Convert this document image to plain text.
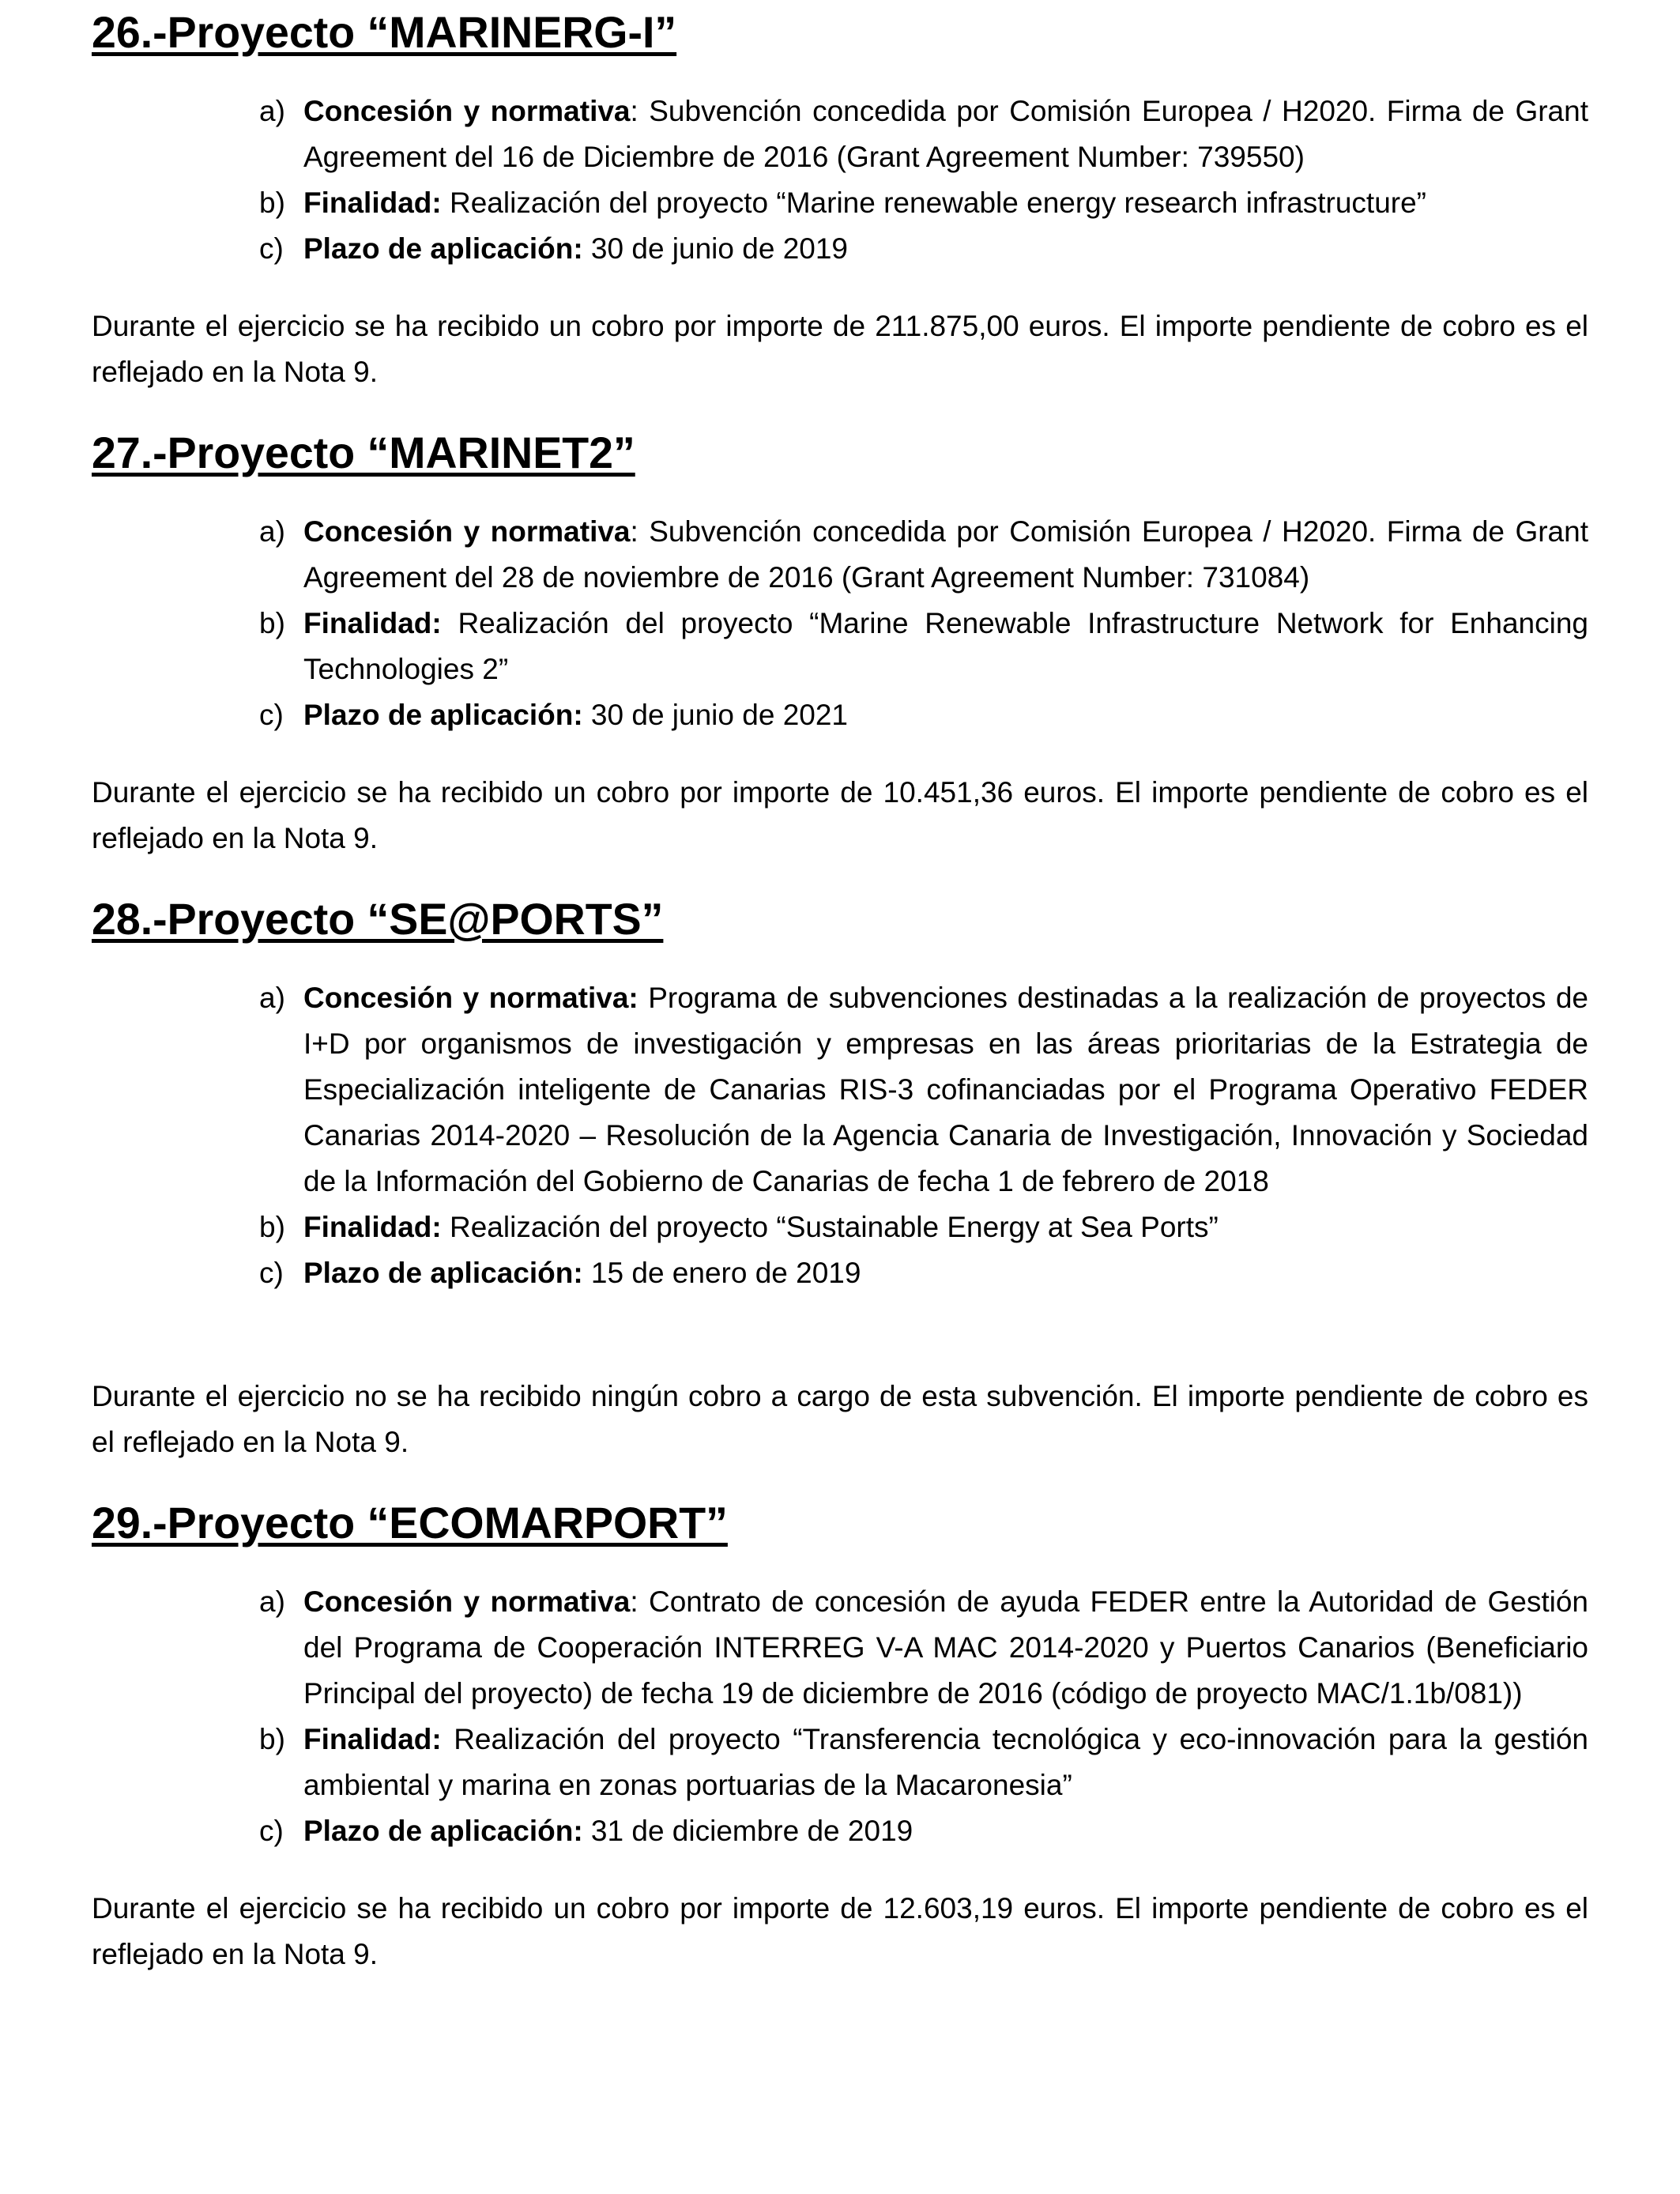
26.-Proyecto “MARINERG-I”
a) Concesión y normativa: Subvención concedida por Comisión Europea / H2020. Firma de Grant Agreement del 16 de Diciembre de 2016 (Grant Agreement Number: 739550)
b) Finalidad: Realización del proyecto “Marine renewable energy research infrastructure”
c) Plazo de aplicación: 30 de junio de 2019

Durante el ejercicio se ha recibido un cobro por importe de 211.875,00 euros. El importe pendiente de cobro es el reflejado en la Nota 9.

27.-Proyecto “MARINET2”
a) Concesión y normativa: Subvención concedida por Comisión Europea / H2020. Firma de Grant Agreement del 28 de noviembre de 2016 (Grant Agreement Number: 731084)
b) Finalidad: Realización del proyecto “Marine Renewable Infrastructure Network for Enhancing Technologies 2”
c) Plazo de aplicación: 30 de junio de 2021

Durante el ejercicio se ha recibido un cobro por importe de 10.451,36 euros. El importe pendiente de cobro es el reflejado en la Nota 9.

28.-Proyecto “SE@PORTS”
a) Concesión y normativa: Programa de subvenciones destinadas a la realización de proyectos de I+D por organismos de investigación y empresas en las áreas prioritarias de la Estrategia de Especialización inteligente de Canarias RIS-3 cofinanciadas por el Programa Operativo FEDER Canarias 2014-2020 – Resolución de la Agencia Canaria de Investigación, Innovación y Sociedad de la Información del Gobierno de Canarias de fecha 1 de febrero de 2018
b) Finalidad: Realización del proyecto “Sustainable Energy at Sea Ports”
c) Plazo de aplicación: 15 de enero de 2019

Durante el ejercicio no se ha recibido ningún cobro a cargo de esta subvención. El importe pendiente de cobro es el reflejado en la Nota 9.

29.-Proyecto “ECOMARPORT”
a) Concesión y normativa: Contrato de concesión de ayuda FEDER entre la Autoridad de Gestión del Programa de Cooperación INTERREG V-A MAC 2014-2020 y Puertos Canarios (Beneficiario Principal del proyecto) de fecha 19 de diciembre de 2016 (código de proyecto MAC/1.1b/081))
b) Finalidad: Realización del proyecto “Transferencia tecnológica y eco-innovación para la gestión ambiental y marina en zonas portuarias de la Macaronesia”
c) Plazo de aplicación: 31 de diciembre de 2019

Durante el ejercicio se ha recibido un cobro por importe de 12.603,19 euros. El importe pendiente de cobro es el reflejado en la Nota 9.
